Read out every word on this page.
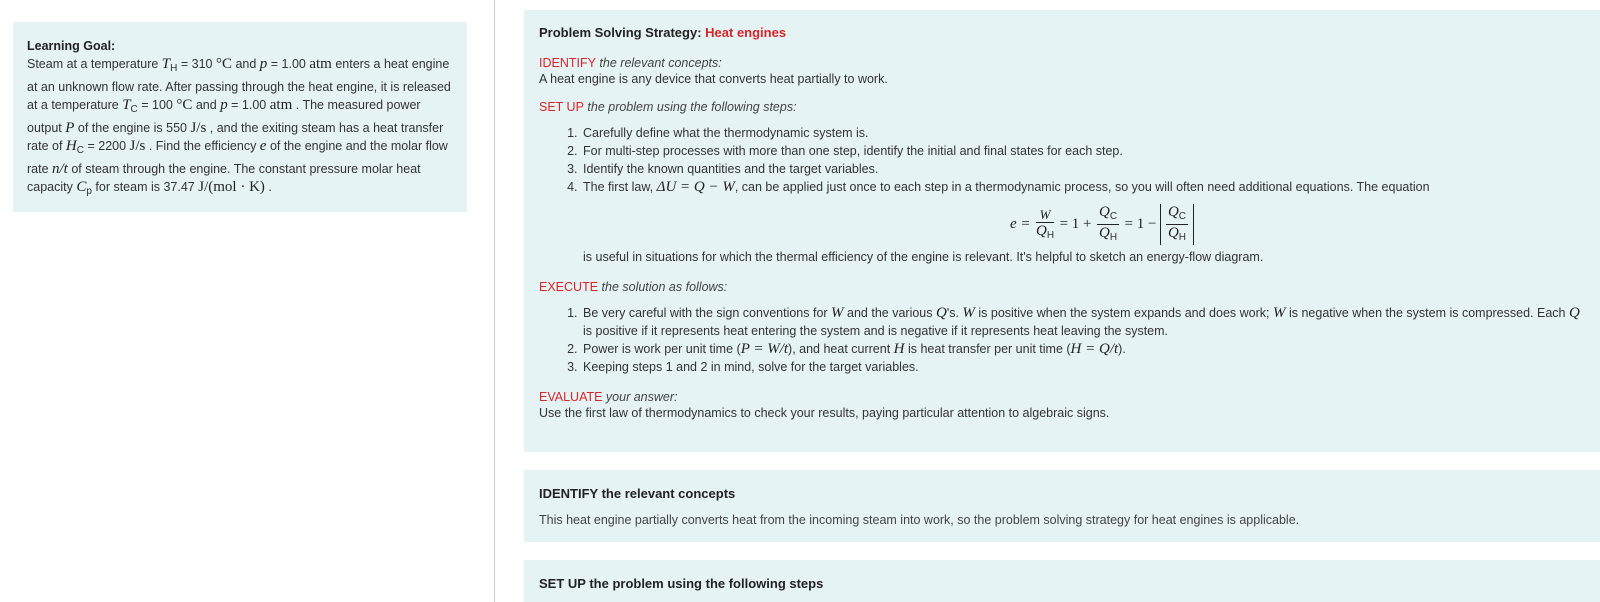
Learning Goal:
Steam at a temperature $T_H = 310$ °C and p = 1.00 atm enters a heat engine at an unknown flow rate. After passing through the heat engine, it is released at a temperature $T_C = 100$ °C and p = 1.00 atm . The measured power output P of the engine is 550 J/s , and the exiting steam has a heat transfer rate of $H_C = 2200$ J/s . Find the efficiency e of the engine and the molar flow rate n/t of steam through the engine. The constant pressure molar heat capacity $C_p$ for steam is 37.47 J/(mol · K) .
Problem Solving Strategy: Heat engines
IDENTIFY the relevant concepts:
A heat engine is any device that converts heat partially to work.
SET UP the problem using the following steps:
1. Carefully define what the thermodynamic system is.
2. For multi-step processes with more than one step, identify the initial and final states for each step.
3. Identify the known quantities and the target variables.
4. The first law, ΔU = Q − W, can be applied just once to each step in a thermodynamic process, so you will often need additional equations. The equation
$e = \frac{W}{Q_H} = 1 + \frac{Q_C}{Q_H} = 1 - \frac{Q_C}{Q_H}$
is useful in situations for which the thermal efficiency of the engine is relevant. It's helpful to sketch an energy-flow diagram.
EXECUTE the solution as follows:
1. Be very careful with the sign conventions for W and the various Q's. W is positive when the system expands and does work; W is negative when the system is compressed. Each Q is positive if it represents heat entering the system and is negative if it represents heat leaving the system.
2. Power is work per unit time (P = W/t), and heat current H is heat transfer per unit time (H = Q/t).
3. Keeping steps 1 and 2 in mind, solve for the target variables.
EVALUATE your answer:
Use the first law of thermodynamics to check your results, paying particular attention to algebraic signs.
IDENTIFY the relevant concepts
This heat engine partially converts heat from the incoming steam into work, so the problem solving strategy for heat engines is applicable.
SET UP the problem using the following steps
